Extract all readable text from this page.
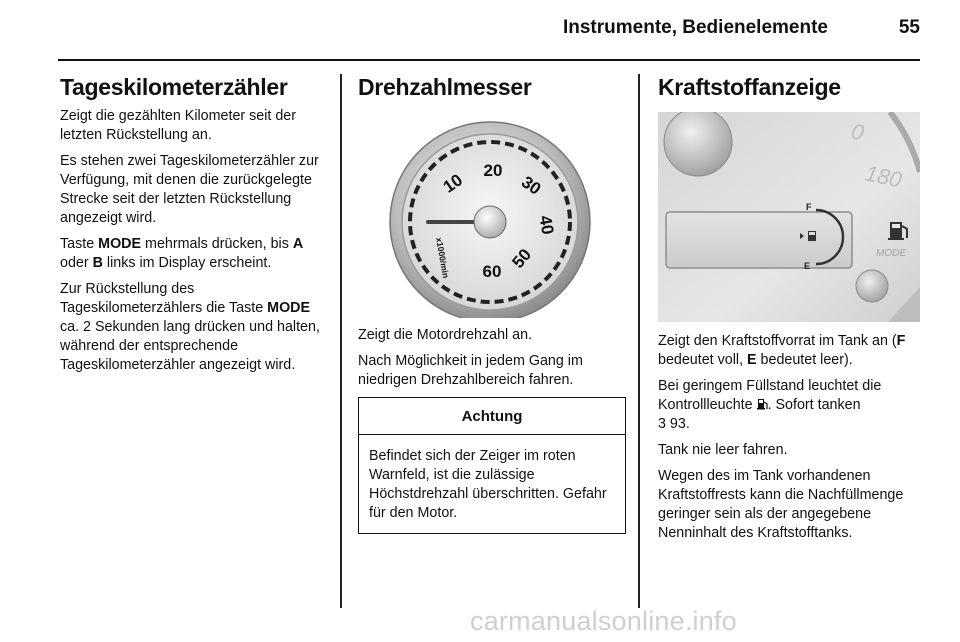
Instrumente, Bedienelemente	55
Tageskilometerzähler

Zeigt die gezählten Kilometer seit der letzten Rückstellung an.

Es stehen zwei Tageskilometerzähler zur Verfügung, mit denen die zurückgelegte Strecke seit der letzten Rückstellung angezeigt wird.

Taste MODE mehrmals drücken, bis A oder B links im Display erscheint.

Zur Rückstellung des Tageskilometerzählers die Taste MODE ca. 2 Sekunden lang drücken und halten, während der entsprechende Tageskilometerzähler angezeigt wird.

Drehzahlmesser
10 20
30
40
50
60
x1000/min

Zeigt die Motordrehzahl an.

Nach Möglichkeit in jedem Gang im niedrigen Drehzahlbereich fahren.

Achtung

Befindet sich der Zeiger im roten Warnfeld, ist die zulässige Höchstdrehzahl überschritten. Gefahr für den Motor.

Kraftstoffanzeige
0
180
F
E
MODE

Zeigt den Kraftstoffvorrat im Tank an (F bedeutet voll, E bedeutet leer).

Bei geringem Füllstand leuchtet die Kontrollleuchte . Sofort tanken
3 93.

Tank nie leer fahren.

Wegen des im Tank vorhandenen Kraftstoffrests kann die Nachfüllmenge geringer sein als der angegebene Nenninhalt des Kraftstofftanks.

carmanualsonline.info
